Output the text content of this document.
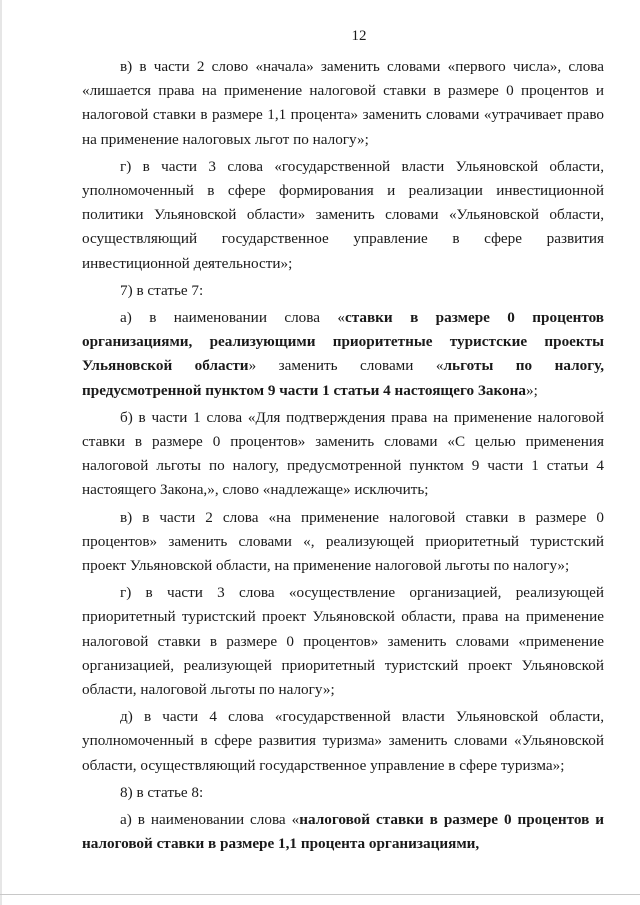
12

в) в части 2 слово «начала» заменить словами «первого числа», слова «лишается права на применение налоговой ставки в размере 0 процентов и налоговой ставки в размере 1,1 процента» заменить словами «утрачивает право на применение налоговых льгот по налогу»;

г) в части 3 слова «государственной власти Ульяновской области, уполномоченный в сфере формирования и реализации инвестиционной политики Ульяновской области» заменить словами «Ульяновской области, осуществляющий государственное управление в сфере развития инвестиционной деятельности»;

7) в статье 7:

а) в наименовании слова «ставки в размере 0 процентов организациями, реализующими приоритетные туристские проекты Ульяновской области» заменить словами «льготы по налогу, предусмотренной пунктом 9 части 1 статьи 4 настоящего Закона»;

б) в части 1 слова «Для подтверждения права на применение налоговой ставки в размере 0 процентов» заменить словами «С целью применения налоговой льготы по налогу, предусмотренной пунктом 9 части 1 статьи 4 настоящего Закона,», слово «надлежаще» исключить;

в) в части 2 слова «на применение налоговой ставки в размере 0 процентов» заменить словами «, реализующей приоритетный туристский проект Ульяновской области, на применение налоговой льготы по налогу»;

г) в части 3 слова «осуществление организацией, реализующей приоритетный туристский проект Ульяновской области, права на применение налоговой ставки в размере 0 процентов» заменить словами «применение организацией, реализующей приоритетный туристский проект Ульяновской области, налоговой льготы по налогу»;

д) в части 4 слова «государственной власти Ульяновской области, уполномоченный в сфере развития туризма» заменить словами «Ульяновской области, осуществляющий государственное управление в сфере туризма»;

8) в статье 8:

а) в наименовании слова «налоговой ставки в размере 0 процентов и налоговой ставки в размере 1,1 процента организациями,
